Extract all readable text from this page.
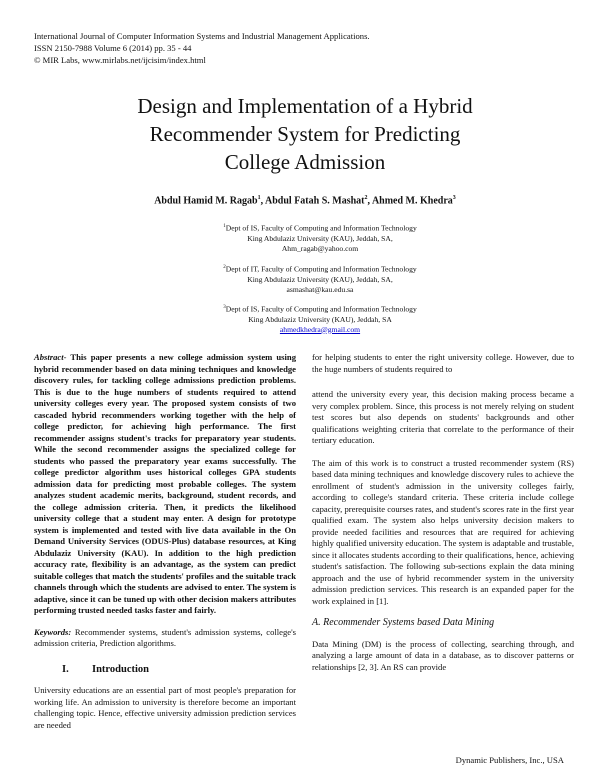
International Journal of Computer Information Systems and Industrial Management Applications.
ISSN 2150-7988 Volume 6 (2014) pp. 35 - 44
© MIR Labs, www.mirlabs.net/ijcisim/index.html
Design and Implementation of a Hybrid
Recommender System for Predicting
College Admission
Abdul Hamid M. Ragab$^1$, Abdul Fatah S. Mashat$^2$, Ahmed M. Khedra$^3$
$^1$Dept of IS, Faculty of Computing and Information Technology
King Abdulaziz University (KAU), Jeddah, SA,
Ahm_ragab@yahoo.com
$^2$Dept of IT, Faculty of Computing and Information Technology
King Abdulaziz University (KAU), Jeddah, SA,
asmashat@kau.edu.sa
$^3$Dept of IS, Faculty of Computing and Information Technology
King Abdulaziz University (KAU), Jeddah, SA
ahmedkhedra@gmail.com

Abstract- This paper presents a new college admission system using hybrid recommender based on data mining techniques and knowledge discovery rules, for tackling college admissions prediction problems. This is due to the huge numbers of students required to attend university colleges every year. The proposed system consists of two cascaded hybrid recommenders working together with the help of college predictor, for achieving high performance. The first recommender assigns student's tracks for preparatory year students. While the second recommender assigns the specialized college for students who passed the preparatory year exams successfully. The college predictor algorithm uses historical colleges GPA students admission data for predicting most probable colleges. The system analyzes student academic merits, background, student records, and the college admission criteria. Then, it predicts the likelihood university college that a student may enter. A design for prototype system is implemented and tested with live data available in the On Demand University Services (ODUS-Plus) database resources, at King Abdulaziz University (KAU). In addition to the high prediction accuracy rate, flexibility is an advantage, as the system can predict suitable colleges that match the students' profiles and the suitable track channels through which the students are advised to enter. The system is adaptive, since it can be tuned up with other decision makers attributes performing trusted needed tasks faster and fairly.

Keywords: Recommender systems, student's admission systems, college's admission criteria, Prediction algorithms.

I. Introduction

University educations are an essential part of most people's preparation for working life. An admission to university is therefore become an important challenging topic. Hence, effective university admission prediction services are needed

for helping students to enter the right university college. However, due to the huge numbers of students required to

attend the university every year, this decision making process became a very complex problem. Since, this process is not merely relying on student test scores but also depends on students' backgrounds and other qualifications weighting criteria that correlate to the performance of their tertiary education.

The aim of this work is to construct a trusted recommender system (RS) based data mining techniques and knowledge discovery rules to achieve the enrollment of student's admission in the university colleges fairly, according to college's standard criteria. These criteria include college capacity, prerequisite courses rates, and student's scores rate in the first year qualified exam. The system also helps university decision makers to provide needed facilities and resources that are required for achieving highly qualified university education. The system is adaptable and trustable, since it allocates students according to their qualifications, hence, achieving student's satisfaction. The following sub-sections explain the data mining approach and the use of hybrid recommender system in the university admission prediction services. This research is an expanded paper for the work explained in [1].

A. Recommender Systems based Data Mining

Data Mining (DM) is the process of collecting, searching through, and analyzing a large amount of data in a database, as to discover patterns or relationships [2, 3]. An RS can provide

Dynamic Publishers, Inc., USA
